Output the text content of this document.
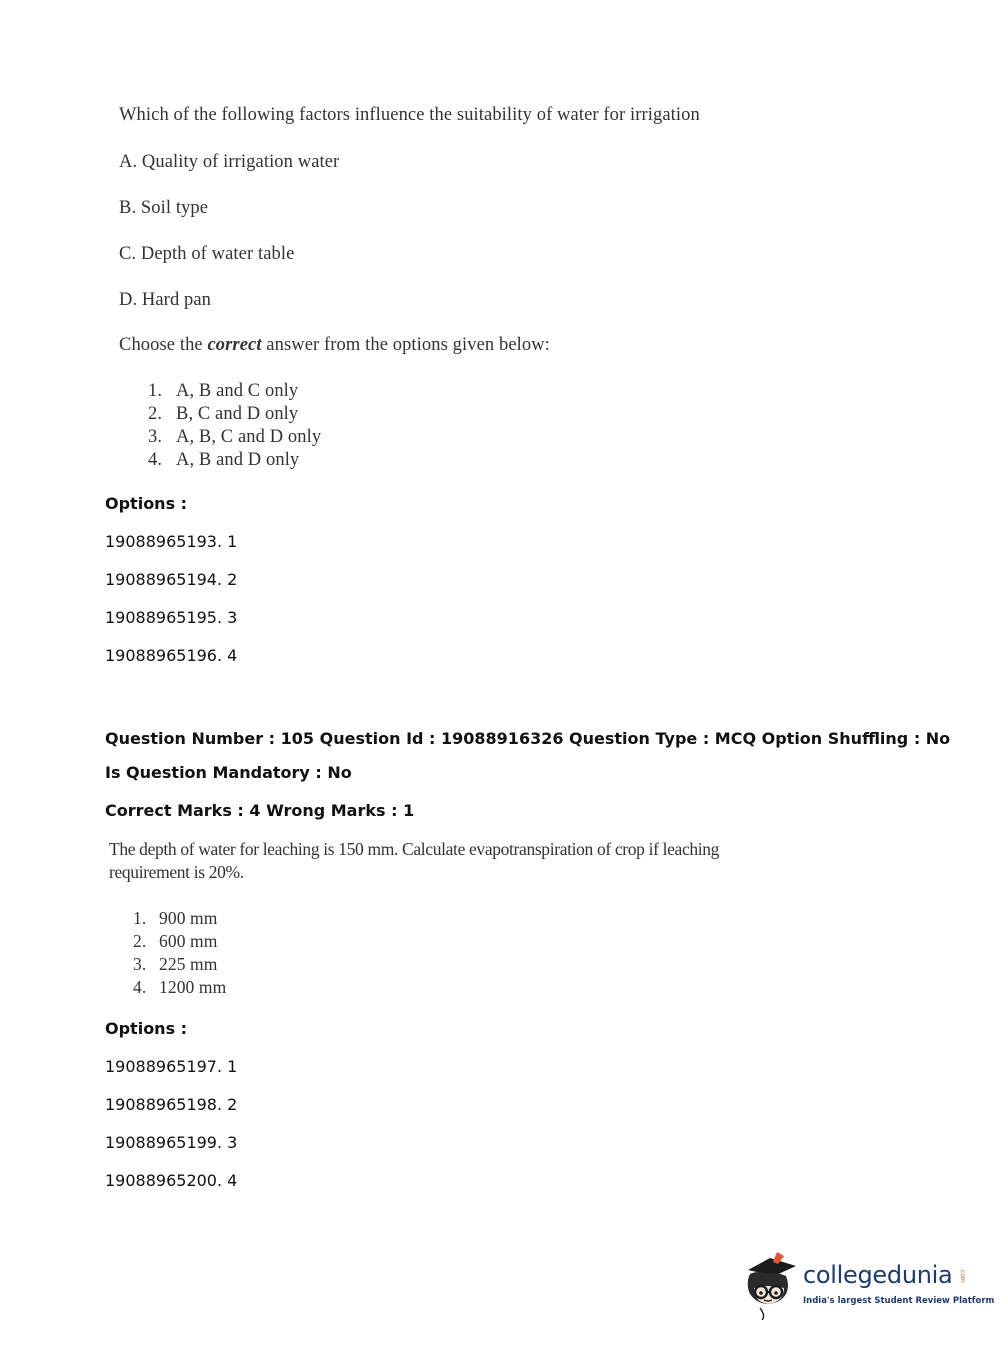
Which of the following factors influence the suitability of water for irrigation
A. Quality of irrigation water
B. Soil type
C. Depth of water table
D. Hard pan
Choose the correct answer from the options given below:
1. A, B and C only
2. B, C and D only
3. A, B, C and D only
4. A, B and D only
Options :
19088965193. 1
19088965194. 2
19088965195. 3
19088965196. 4
Question Number : 105 Question Id : 19088916326 Question Type : MCQ Option Shuffling : No
Is Question Mandatory : No
Correct Marks : 4 Wrong Marks : 1
The depth of water for leaching is 150 mm. Calculate evapotranspiration of crop if leaching
requirement is 20%.
1. 900 mm
2. 600 mm
3. 225 mm
4. 1200 mm
Options :
19088965197. 1
19088965198. 2
19088965199. 3
19088965200. 4
collegedunia .com
India's largest Student Review Platform
